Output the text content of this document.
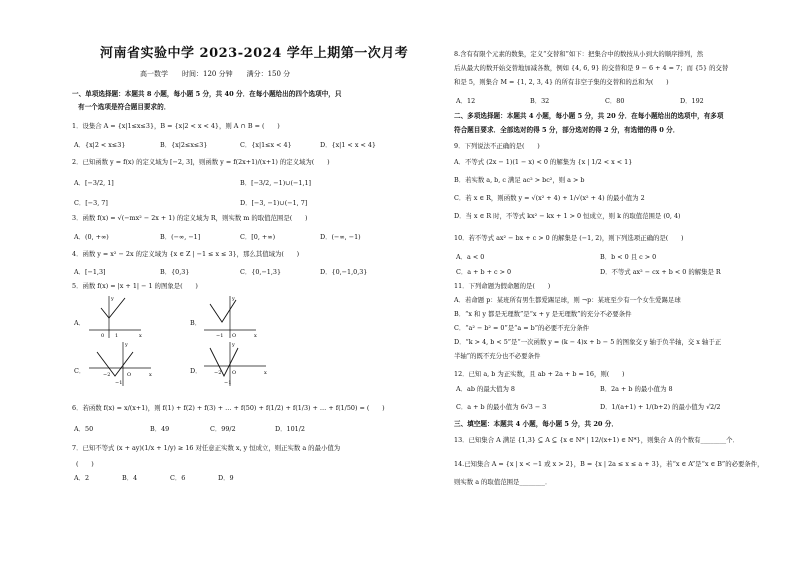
河南省实验中学 2023-2024 学年上期第一次月考
高一数学　　时间：120 分钟　　满分：150 分
一、单项选择题：本题共 8 小题，每小题 5 分，共 40 分．在每小题给出的四个选项中，只
有一个选项是符合题目要求的．
1．设集合 A = {x|1≤x≤3}，B = {x|2 < x < 4}，则 A ∩ B = (　　)
A．{x|2 < x≤3}	B．{x|2≤x≤3}	C．{x|1≤x < 4}	D．{x|1 < x < 4}
2．已知函数 y = f(x) 的定义域为 [−2, 3]，则函数 y = f(2x+1)/(x+1) 的定义域为(　　)
A．[−3/2, 1]	B．[−3/2, −1)∪(−1,1]
C．[−3, 7]	D．[−3, −1)∪(−1, 7]
3．函数 f(x) = √(−mx² − 2x + 1) 的定义域为 R，则实数 m 的取值范围是(　　)
A．(0, +∞)	B．(−∞, −1]	C．[0, +∞)	D．(−∞, −1)
4．函数 y = x² − 2x 的定义域为 {x ∈ Z | −1 ≤ x ≤ 3}，那么其值域为(　　)
A．[−1,3]	B．{0,3}	C．{0,−1,3}	D．{0,−1,0,3}
5．函数 f(x) = |x + 1| − 1 的图象是(　　)
A．
x
y
0 1
B．
x
y
−1 O
C．	x
y
−2	O
−1
D．	x
y
−2 O
−1
6．若函数 f(x) = x/(x+1)，则 f(1) + f(2) + f(3) + … + f(50) + f(1/2) + f(1/3) + … + f(1/50) = (　　)
A．50	B．49	C．99/2	D．101/2
7．已知不等式 (x + ay)(1/x + 1/y) ≥ 16 对任意正实数 x, y 恒成立，则正实数 a 的最小值为
(　　)
A．2	B．4	C．6	D．9
8.含有有限个元素的数集，定义“交替和”如下：把集合中的数按从小到大的顺序排列，然
后从最大的数开始交替地加减各数，例如 {4, 6, 9} 的交替和是 9 − 6 + 4 = 7；而 {5} 的交替
和是 5，则集合 M = {1, 2, 3, 4} 的所有非空子集的交替和的总和为(　　)
A．12	B．32	C．80	D．192
二、多项选择题：本题共 4 小题，每小题 5 分，共 20 分．在每小题给出的选项中，有多项
符合题目要求．全部选对的得 5 分，部分选对的得 2 分，有选错的得 0 分．
9．下列说法不正确的是(　　)
A．不等式 (2x − 1)(1 − x) < 0 的解集为 {x | 1/2 < x < 1}
B．若实数 a, b, c 满足 ac² > bc²，则 a > b
C．若 x ∈ R，则函数 y = √(x² + 4) + 1/√(x² + 4) 的最小值为 2
D．当 x ∈ R 时，不等式 kx² − kx + 1 > 0 恒成立，则 k 的取值范围是 (0, 4)
10．若不等式 ax² − bx + c > 0 的解集是 (−1, 2)，则下列选项正确的是(　　)
A．a < 0	B．b < 0 且 c > 0
C．a + b + c > 0	D．不等式 ax² − cx + b < 0 的解集是 R
11．下列命题为假命题的是(　　)
A．若命题 p：某班所有男生都爱踢足球，则 ¬p：某班至少有一个女生爱踢足球
B．“x 和 y 都是无理数”是“x + y 是无理数”的充分不必要条件
C．“a² − b² = 0”是“a = b”的必要不充分条件
D．“k > 4, b < 5”是“一次函数 y = (k − 4)x + b − 5 的图象交 y 轴于负半轴，交 x 轴于正
半轴”的既不充分也不必要条件
12．已知 a, b 为正实数，且 ab + 2a + b = 16，则(　　)
A．ab 的最大值为 8	B．2a + b 的最小值为 8
C．a + b 的最小值为 6√3 − 3	D．1/(a+1) + 1/(b+2) 的最小值为 √2/2
三、填空题：本题共 4 小题，每小题 5 分，共 20 分．
13．已知集合 A 满足 {1,3} ⊆ A ⊆ {x ∈ N* | 12/(x+1) ∈ N*}，则集合 A 的个数有________个．
14.已知集合 A = {x | x < −1 或 x > 2}，B = {x | 2a ≤ x ≤ a + 3}，若“x ∈ A”是“x ∈ B”的必要条件，
则实数 a 的取值范围是________．
